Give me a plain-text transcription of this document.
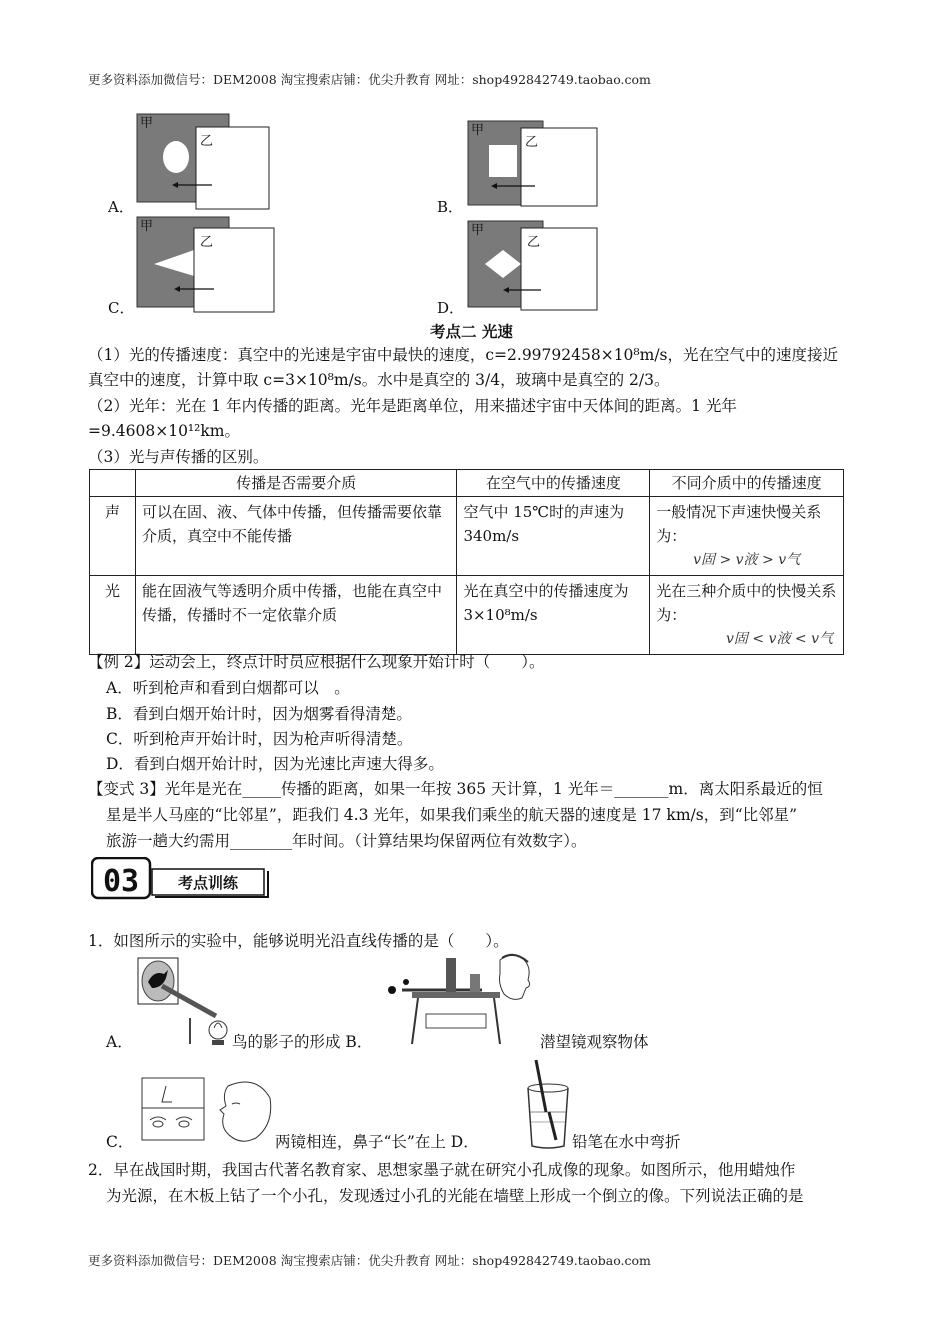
更多资料添加微信号：DEM2008 淘宝搜索店铺：优尖升教育 网址：shop492842749.taobao.com
A．
甲
乙
B．
甲
乙
C．
甲
乙
D．
甲
乙
考点二 光速
（1）光的传播速度：真空中的光速是宇宙中最快的速度，c=2.99792458×10⁸m/s，光在空气中的速度接近
真空中的速度，计算中取 c=3×10⁸m/s。水中是真空的 3/4，玻璃中是真空的 2/3。
（2）光年：光在 1 年内传播的距离。光年是距离单位，用来描述宇宙中天体间的距离。1 光年
=9.4608×10¹²km。
（3）光与声传播的区别。
	传播是否需要介质	在空气中的传播速度	不同介质中的传播速度
声	可以在固、液、气体中传播，但传播需要依靠介质，真空中不能传播	空气中 15℃时的声速为 340m/s	一般情况下声速快慢关系为：
v固 > v液 > v气

光	能在固液气等透明介质中传播，也能在真空中传播，传播时不一定依靠介质	光在真空中的传播速度为 3×10⁸m/s	光在三种介质中的快慢关系为：
v固 < v液 < v气
【例 2】运动会上，终点计时员应根据什么现象开始计时（　　）。
A．听到枪声和看到白烟都可以　。
B．看到白烟开始计时，因为烟雾看得清楚。
C．听到枪声开始计时，因为枪声听得清楚。
D．看到白烟开始计时，因为光速比声速大得多。
【变式 3】光年是光在_____传播的距离，如果一年按 365 天计算，1 光年＝_______m．离太阳系最近的恒
星是半人马座的“比邻星”，距我们 4.3 光年，如果我们乘坐的航天器的速度是 17 km/s，到“比邻星”
旅游一趟大约需用________年时间。（计算结果均保留两位有效数字）。
03	考点训练
1．如图所示的实验中，能够说明光沿直线传播的是（　　）。
A．	鸟的影子的形成 B．	潜望镜观察物体
C．	两镜相连，鼻子“长”在上 D．	铅笔在水中弯折
2．早在战国时期，我国古代著名教育家、思想家墨子就在研究小孔成像的现象。如图所示，他用蜡烛作
为光源，在木板上钻了一个小孔，发现透过小孔的光能在墙壁上形成一个倒立的像。下列说法正确的是
更多资料添加微信号：DEM2008 淘宝搜索店铺：优尖升教育 网址：shop492842749.taobao.com
